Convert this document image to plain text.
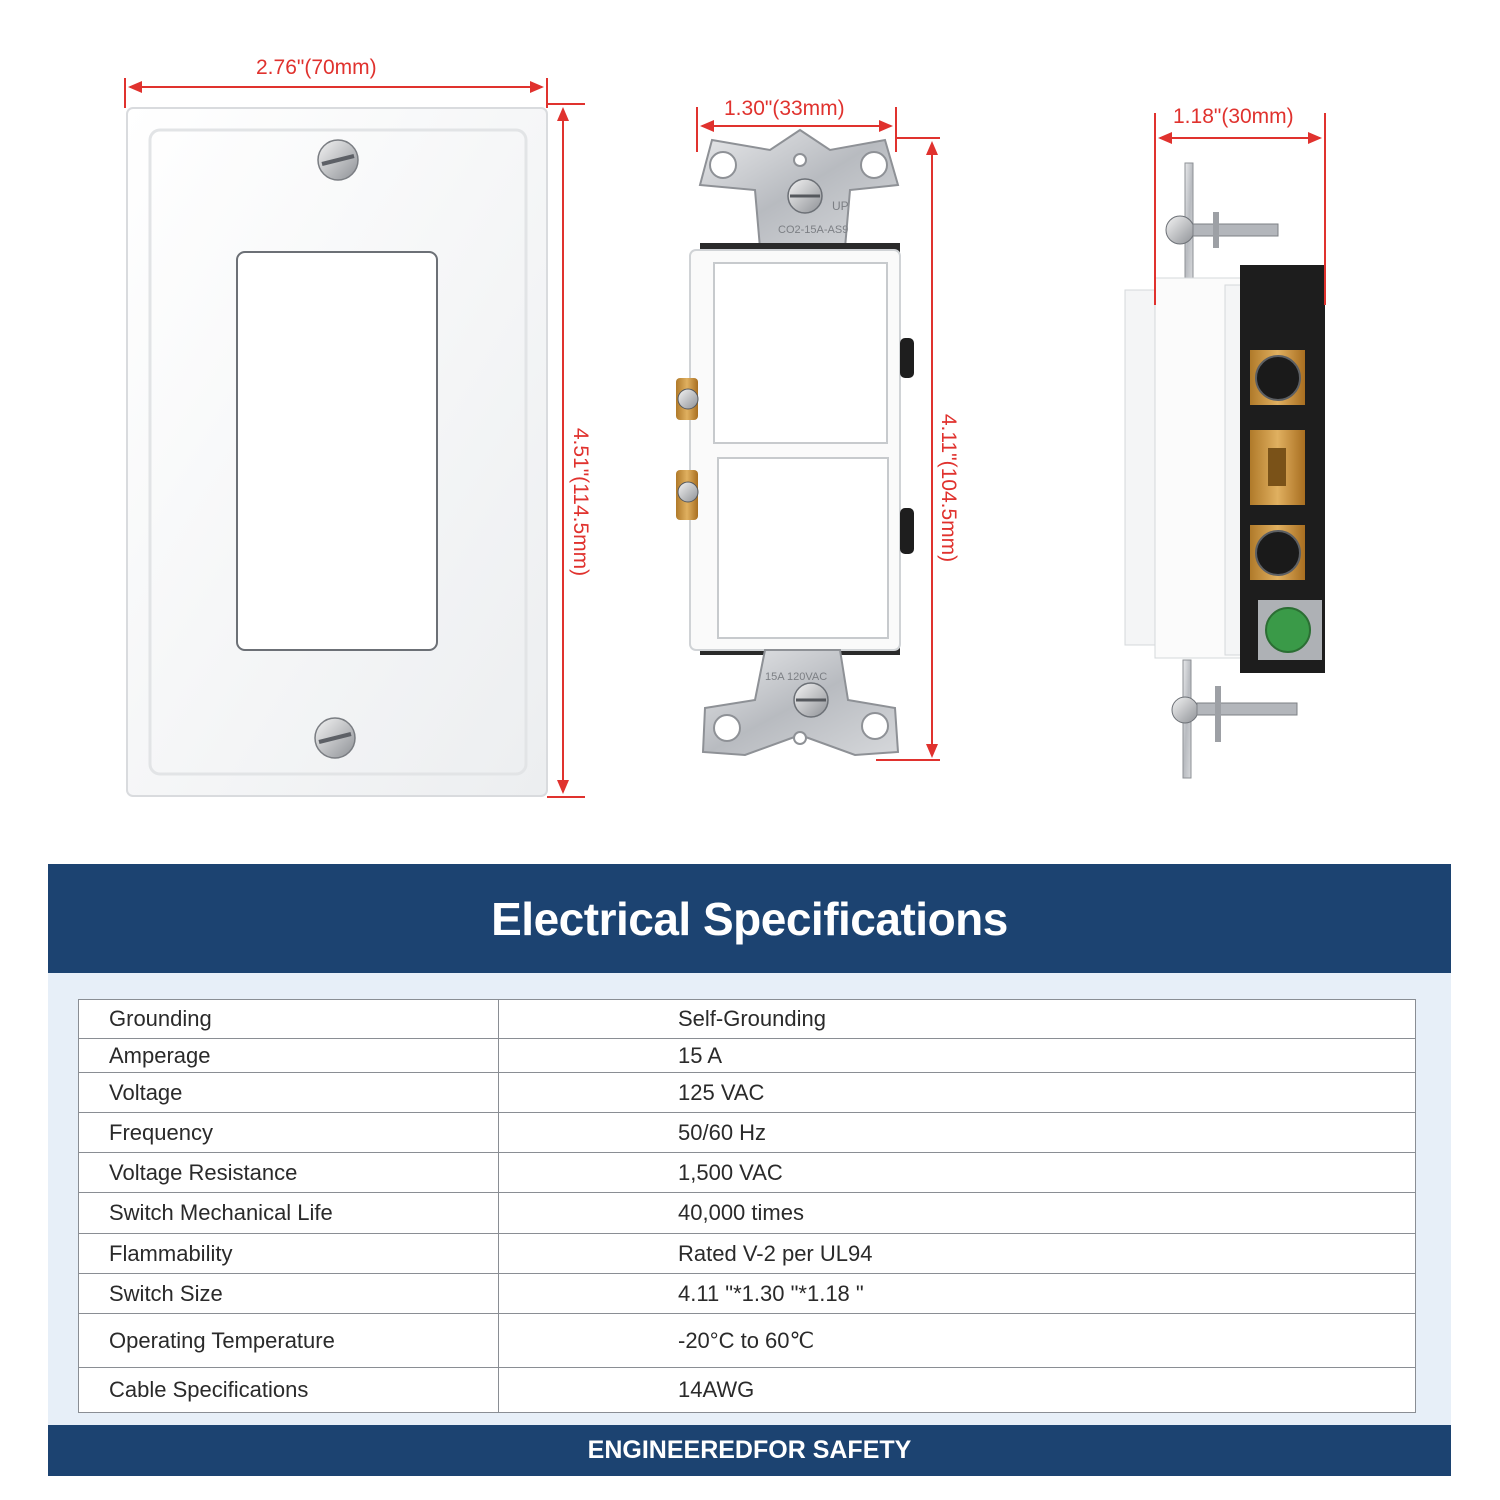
UP
CO2-15A-AS9
15A 120VAC
2.76"(70mm)
1.30"(33mm)	1.18"(30mm)
4.51"(114.5mm)	4.11"(104.5mm)
Electrical Specifications
Grounding	Self-Grounding
Amperage	15 A
Voltage	125 VAC
Frequency	50/60 Hz
Voltage Resistance	1,500 VAC
Switch Mechanical Life	40,000 times
Flammability	Rated V-2 per UL94
Switch Size	4.11 "*1.30 "*1.18 "
Operating Temperature	-20°C to 60℃
Cable Specifications	14AWG
ENGINEEREDFOR SAFETY
